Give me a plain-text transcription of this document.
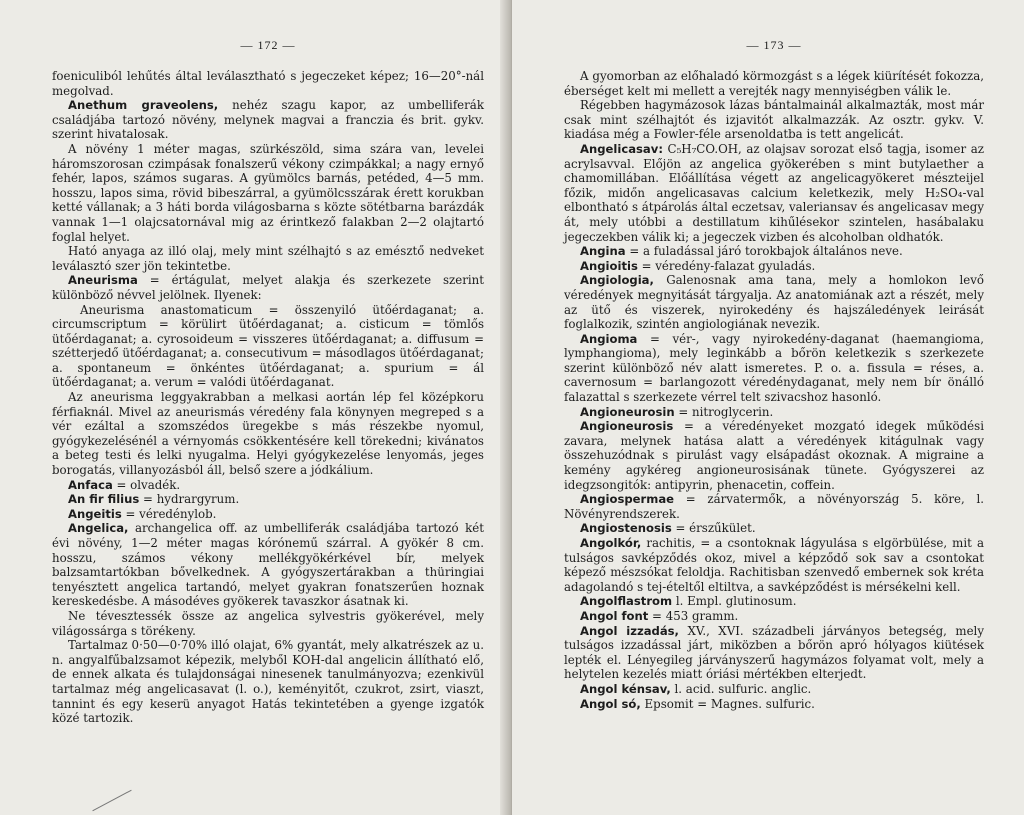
— 172 —

foeniculiból lehűtés által leválasztható s jegeczeket képez; 16—20°-nál megolvad.

Anethum graveolens, nehéz szagu kapor, az umbelliferák családjába tartozó növény, melynek magvai a franczia és brit. gykv. szerint hivatalosak.

A növény 1 méter magas, szürkészöld, sima szára van, levelei háromszorosan czimpásak fonalszerű vékony czimpákkal; a nagy ernyő fehér, lapos, számos sugaras. A gyümölcs barnás, petéded, 4—5 mm. hosszu, lapos sima, rövid bibeszárral, a gyümölcsszárak érett korukban ketté vállanak; a 3 háti borda világosbarna s közte sötétbarna barázdák vannak 1—1 olajcsatornával mig az érintkező falakban 2—2 olajtartó foglal helyet.

Ható anyaga az illó olaj, mely mint szélhajtó s az emésztő nedveket leválasztó szer jön tekintetbe.

Aneurisma = értágulat, melyet alakja és szerkezete szerint különböző névvel jelölnek. Ilyenek:

Aneurisma anastomaticum = összenyiló ütőérdaganat; a. circumscriptum = körülirt ütőérdaganat; a. cisticum = tömlős ütőérdaganat; a. cyrosoideum = visszeres ütőérdaganat; a. diffusum = szétterjedő ütőérdaganat; a. consecutivum = másodlagos ütőérdaganat; a. spontaneum = önkéntes ütőérdaganat; a. spurium = ál ütőérdaganat; a. verum = valódi ütőérdaganat.

Az aneurisma leggyakrabban a melkasi aortán lép fel középkoru férfiaknál. Mivel az aneurismás véredény fala könynyen megreped s a vér ezáltal a szomszédos üregekbe s más részekbe nyomul, gyógykezelésénél a vérnyomás csökkentésére kell törekedni; kivánatos a beteg testi és lelki nyugalma. Helyi gyógykezelése lenyomás, jeges borogatás, villanyozásból áll, belső szere a jódkálium.

Anfaca = olvadék.

An fir filius = hydrargyrum.

Angeitis = véredénylob.

Angelica, archangelica off. az umbelliferák családjába tartozó két évi növény, 1—2 méter magas kórónemű szárral. A gyökér 8 cm. hosszu, számos vékony mellékgyökérkével bír, melyek balzsamtartókban bővelkednek. A gyógyszertárakban a thüringiai tenyésztett angelica tartandó, melyet gyakran fonatszerűen hoznak kereskedésbe. A másodéves gyökerek tavaszkor ásatnak ki.

Ne tévesztessék össze az angelica sylvestris gyökerével, mely világossárga s törékeny.

Tartalmaz 0·50—0·70% illó olajat, 6% gyantát, mely alkatrészek az u. n. angyalfűbalzsamot képezik, melyből KOH-dal angelicin állítható elő, de ennek alkata és tulajdonságai ninesenek tanulmányozva; ezenkivül tartalmaz még angelicasavat (l. o.), keményitőt, czukrot, zsirt, viaszt, tannint és egy keserü anyagot Hatás tekintetében a gyenge izgatók közé tartozik.

— 173 —

A gyomorban az előhaladó körmozgást s a légek kiürítését fokozza, éberséget kelt mi mellett a verejték nagy mennyiségben válik le.

Régebben hagymázosok lázas bántalmainál alkalmazták, most már csak mint szélhajtót és izjavitót alkalmazzák. Az osztr. gykv. V. kiadása még a Fowler-féle arsenoldatba is tett angelicát.

Angelicasav: C₅H₇CO.OH, az olajsav sorozat első tagja, isomer az acrylsavval. Előjön az angelica gyökerében s mint butylaether a chamomillában. Előállítása végett az angelicagyökeret mészteijel főzik, midőn angelicasavas calcium keletkezik, mely H₂SO₄-val elbontható s átpárolás által eczetsav, valeriansav és angelicasav megy át, mely utóbbi a destillatum kihűlésekor szintelen, hasábalaku jegeczekben válik ki; a jegeczek vizben és alcoholban oldhatók.

Angina = a fuladással járó torokbajok általános neve.

Angioitis = véredény-falazat gyuladás.

Angiologia, Galenosnak ama tana, mely a homlokon levő véredények megnyitását tárgyalja. Az anatomiának azt a részét, mely az ütő és viszerek, nyirokedény és hajszáledények leirását foglalkozik, szintén angiologiának nevezik.

Angioma = vér-, vagy nyirokedény-daganat (haemangioma, lymphangioma), mely leginkább a bőrön keletkezik s szerkezete szerint különböző név alatt ismeretes. P. o. a. fissula = réses, a. cavernosum = barlangozott véredénydaganat, mely nem bír önálló falazattal s szerkezete vérrel telt szivacshoz hasonló.

Angioneurosin = nitroglycerin.

Angioneurosis = a véredényeket mozgató idegek működési zavara, melynek hatása alatt a véredények kitágulnak vagy összehuzódnak s pirulást vagy elsápadást okoznak. A migraine a kemény agykéreg angioneurosisának tünete. Gyógyszerei az idegzsongitók: antipyrin, phenacetin, coffein.

Angiospermae = zárvatermők, a növényország 5. köre, l. Növényrendszerek.

Angiostenosis = érszűkület.

Angolkór, rachitis, = a csontoknak lágyulása s elgörbülése, mit a tulságos savképződés okoz, mivel a képződő sok sav a csontokat képező mészsókat feloldja. Rachitisban szenvedő embernek sok kréta adagolandó s tej-ételtől eltiltva, a savképződést is mérsékelni kell.

Angolflastrom l. Empl. glutinosum.

Angol font = 453 gramm.

Angol izzadás, XV., XVI. századbeli járványos betegség, mely tulságos izzadással járt, miközben a bőrön apró hólyagos kiütések lepték el. Lényegileg járványszerű hagymázos folyamat volt, mely a helytelen kezelés miatt óriási mértékben elterjedt.

Angol kénsav, l. acid. sulfuric. anglic.

Angol só, Epsomit = Magnes. sulfuric.
